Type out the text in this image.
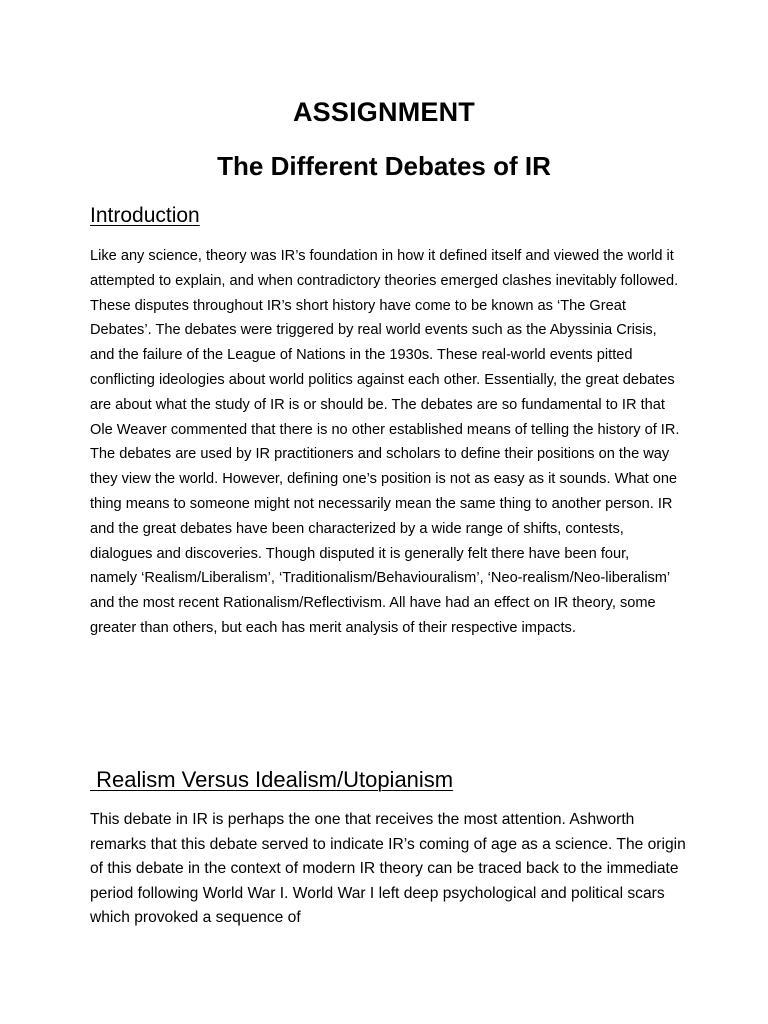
ASSIGNMENT
The Different Debates of IR
Introduction

Like any science, theory was IR’s foundation in how it defined itself and viewed the world it attempted to explain, and when contradictory theories emerged clashes inevitably followed. These disputes throughout IR’s short history have come to be known as ‘The Great Debates’. The debates were triggered by real world events such as the Abyssinia Crisis, and the failure of the League of Nations in the 1930s. These real-world events pitted conflicting ideologies about world politics against each other. Essentially, the great debates are about what the study of IR is or should be. The debates are so fundamental to IR that Ole Weaver commented that there is no other established means of telling the history of IR. The debates are used by IR practitioners and scholars to define their positions on the way they view the world. However, defining one’s position is not as easy as it sounds. What one thing means to someone might not necessarily mean the same thing to another person. IR and the great debates have been characterized by a wide range of shifts, contests, dialogues and discoveries. Though disputed it is generally felt there have been four, namely ‘Realism/Liberalism’, ‘Traditionalism/Behaviouralism’, ‘Neo-realism/Neo-liberalism’ and the most recent Rationalism/Reflectivism. All have had an effect on IR theory, some greater than others, but each has merit analysis of their respective impacts.

Realism Versus Idealism/Utopianism

This debate in IR is perhaps the one that receives the most attention. Ashworth remarks that this debate served to indicate IR’s coming of age as a science. The origin of this debate in the context of modern IR theory can be traced back to the immediate period following World War I. World War I left deep psychological and political scars which provoked a sequence of
